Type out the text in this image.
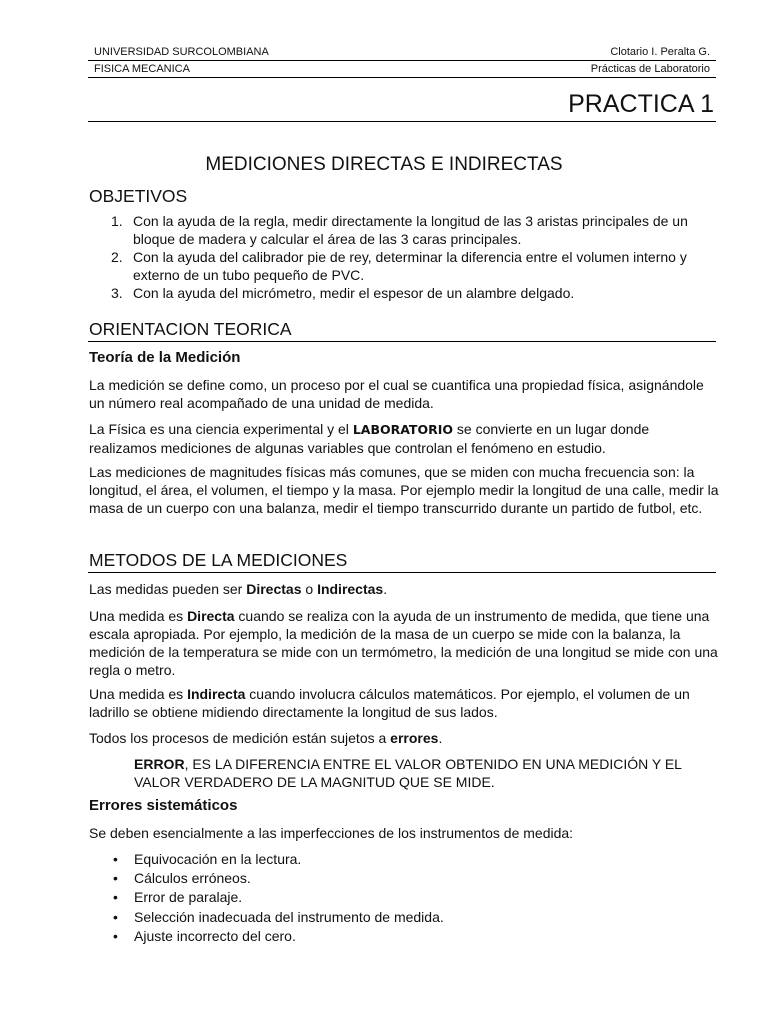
UNIVERSIDAD SURCOLOMBIANA	Clotario I. Peralta G.
FISICA MECANICA	Prácticas de Laboratorio
PRACTICA 1
MEDICIONES DIRECTAS E INDIRECTAS
OBJETIVOS
1. Con la ayuda de la regla, medir directamente la longitud de las 3 aristas principales de un bloque de madera y calcular el área de las 3 caras principales.
2. Con la ayuda del calibrador pie de rey, determinar la diferencia entre el volumen interno y externo de un tubo pequeño de PVC.
3. Con la ayuda del micrómetro, medir el espesor de un alambre delgado.
ORIENTACION TEORICA
Teoría de la Medición
La medición se define como, un proceso por el cual se cuantifica una propiedad física, asignándole un número real acompañado de una unidad de medida.
La Física es una ciencia experimental y el LABORATORIO se convierte en un lugar donde realizamos mediciones de algunas variables que controlan el fenómeno en estudio.
Las mediciones de magnitudes físicas más comunes, que se miden con mucha frecuencia son: la longitud, el área, el volumen, el tiempo y la masa. Por ejemplo medir la longitud de una calle, medir la masa de un cuerpo con una balanza, medir el tiempo transcurrido durante un partido de futbol, etc.
METODOS DE LA MEDICIONES
Las medidas pueden ser Directas o Indirectas.
Una medida es Directa cuando se realiza con la ayuda de un instrumento de medida, que tiene una escala apropiada. Por ejemplo, la medición de la masa de un cuerpo se mide con la balanza, la medición de la temperatura se mide con un termómetro, la medición de una longitud se mide con una regla o metro.
Una medida es Indirecta cuando involucra cálculos matemáticos. Por ejemplo, el volumen de un ladrillo se obtiene midiendo directamente la longitud de sus lados.
Todos los procesos de medición están sujetos a errores.
ERROR, ES LA DIFERENCIA ENTRE EL VALOR OBTENIDO EN UNA MEDICIÓN Y EL VALOR VERDADERO DE LA MAGNITUD QUE SE MIDE.
Errores sistemáticos
Se deben esencialmente a las imperfecciones de los instrumentos de medida:
• Equivocación en la lectura.
• Cálculos erróneos.
• Error de paralaje.
• Selección inadecuada del instrumento de medida.
• Ajuste incorrecto del cero.
